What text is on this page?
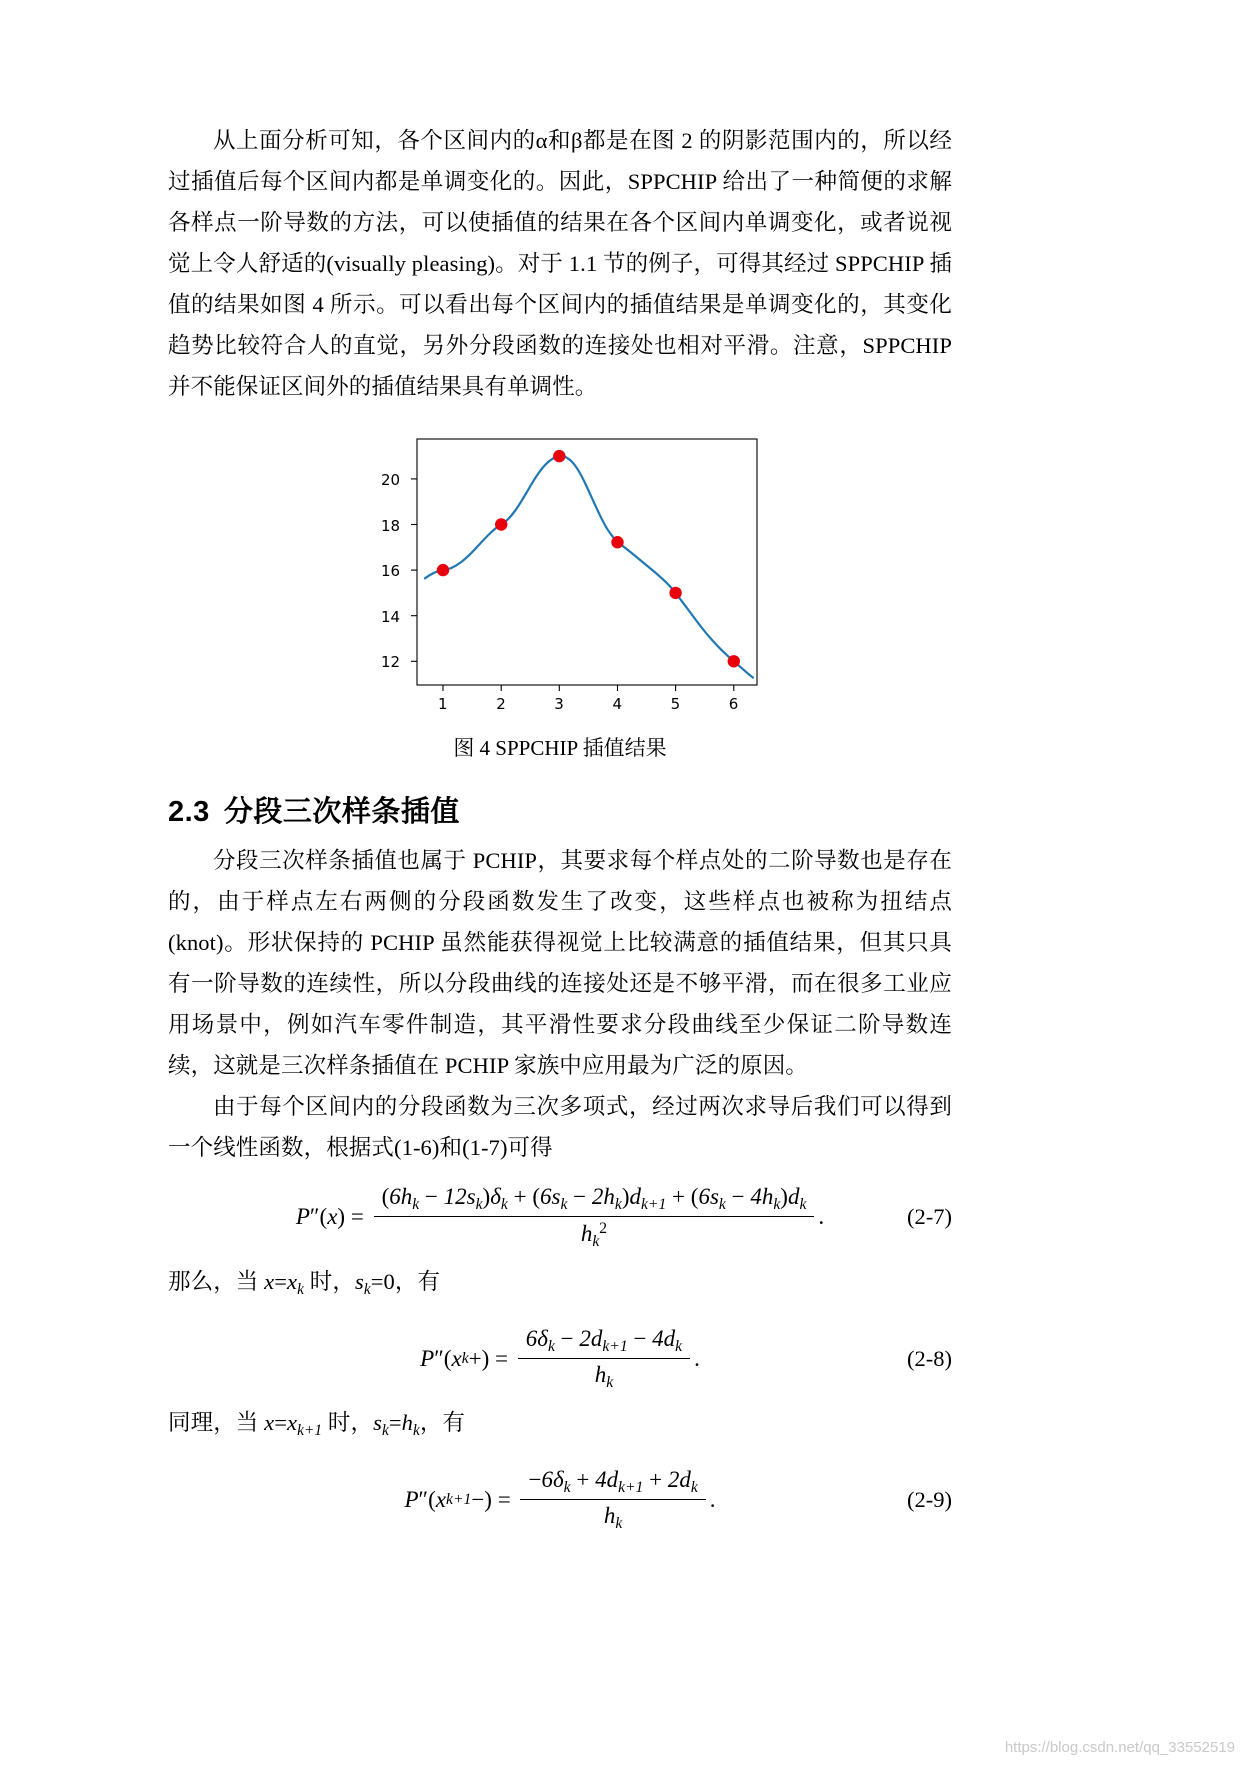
从上面分析可知，各个区间内的α和β都是在图 2 的阴影范围内的，所以经过插值后每个区间内都是单调变化的。因此，SPPCHIP 给出了一种简便的求解各样点一阶导数的方法，可以使插值的结果在各个区间内单调变化，或者说视觉上令人舒适的(visually pleasing)。对于 1.1 节的例子，可得其经过 SPPCHIP 插值的结果如图 4 所示。可以看出每个区间内的插值结果是单调变化的，其变化趋势比较符合人的直觉，另外分段函数的连接处也相对平滑。注意，SPPCHIP 并不能保证区间外的插值结果具有单调性。

12
14
16
18
20
1	2	3	4	5	6
图 4 SPPCHIP 插值结果
2.3 分段三次样条插值

分段三次样条插值也属于 PCHIP，其要求每个样点处的二阶导数也是存在的，由于样点左右两侧的分段函数发生了改变，这些样点也被称为扭结点(knot)。形状保持的 PCHIP 虽然能获得视觉上比较满意的插值结果，但其只具有一阶导数的连续性，所以分段曲线的连接处还是不够平滑，而在很多工业应用场景中，例如汽车零件制造，其平滑性要求分段曲线至少保证二阶导数连续，这就是三次样条插值在 PCHIP 家族中应用最为广泛的原因。

由于每个区间内的分段函数为三次多项式，经过两次求导后我们可以得到一个线性函数，根据式(1-6)和(1-7)可得

P ″ ( x ) = $\frac{(6h_k - 12s_k)\delta_k + (6s_k - 2h_k)d_{k+1} + (6s_k - 4h_k)d_k}{h_k^2}$ .	(2-7)

那么，当 $x=x_k$ 时，$s_k=0$，有

P ″ ( x k + ) = $\frac{6\delta_k - 2d_{k+1} - 4d_k}{h_k}$ .	(2-8)

同理，当 $x=x_{k+1}$ 时，$s_k=h_k$，有

P ″ ( x k+1 − ) = $\frac{-6\delta_k + 4d_{k+1} + 2d_k}{h_k}$ .	(2-9)
https://blog.csdn.net/qq_33552519
